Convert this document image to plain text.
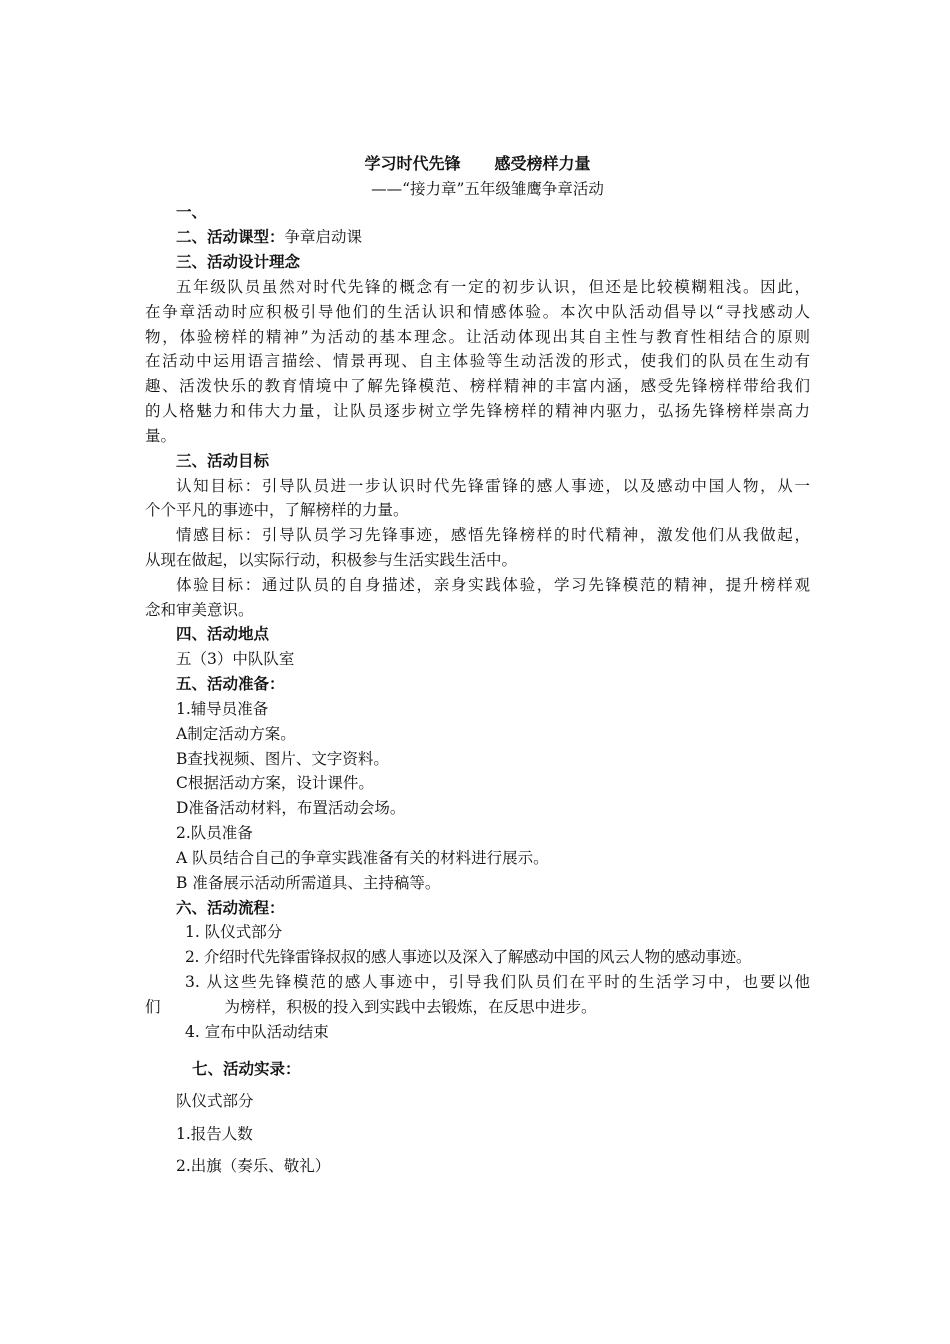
学习时代先锋 感受榜样力量
——“接力章”五年级雏鹰争章活动
一、
二、活动课型：争章启动课
三、活动设计理念
五年级队员虽然对时代先锋的概念有一定的初步认识，但还是比较模糊粗浅。因此，
在争章活动时应积极引导他们的生活认识和情感体验。本次中队活动倡导以“寻找感动人
物，体验榜样的精神”为活动的基本理念。让活动体现出其自主性与教育性相结合的原则
在活动中运用语言描绘、情景再现、自主体验等生动活泼的形式，使我们的队员在生动有
趣、活泼快乐的教育情境中了解先锋模范、榜样精神的丰富内涵，感受先锋榜样带给我们
的人格魅力和伟大力量，让队员逐步树立学先锋榜样的精神内驱力，弘扬先锋榜样崇高力
量。
三、活动目标
认知目标：引导队员进一步认识时代先锋雷锋的感人事迹，以及感动中国人物，从一
个个平凡的事迹中，了解榜样的力量。
情感目标：引导队员学习先锋事迹，感悟先锋榜样的时代精神，激发他们从我做起，
从现在做起，以实际行动，积极参与生活实践生活中。
体验目标：通过队员的自身描述，亲身实践体验，学习先锋模范的精神，提升榜样观
念和审美意识。
四、活动地点
五（3）中队队室
五、活动准备：
1.辅导员准备
A制定活动方案。
B查找视频、图片、文字资料。
C根据活动方案，设计课件。
D准备活动材料，布置活动会场。
2.队员准备
A 队员结合自己的争章实践准备有关的材料进行展示。
B 准备展示活动所需道具、主持稿等。
六、活动流程：
1. 队仪式部分
2. 介绍时代先锋雷锋叔叔的感人事迹以及深入了解感动中国的风云人物的感动事迹。
3. 从这些先锋模范的感人事迹中，引导我们队员们在平时的生活学习中，也要以他
们	为榜样，积极的投入到实践中去锻炼，在反思中进步。
4. 宣布中队活动结束
七、活动实录：
队仪式部分
1.报告人数
2.出旗（奏乐、敬礼）
